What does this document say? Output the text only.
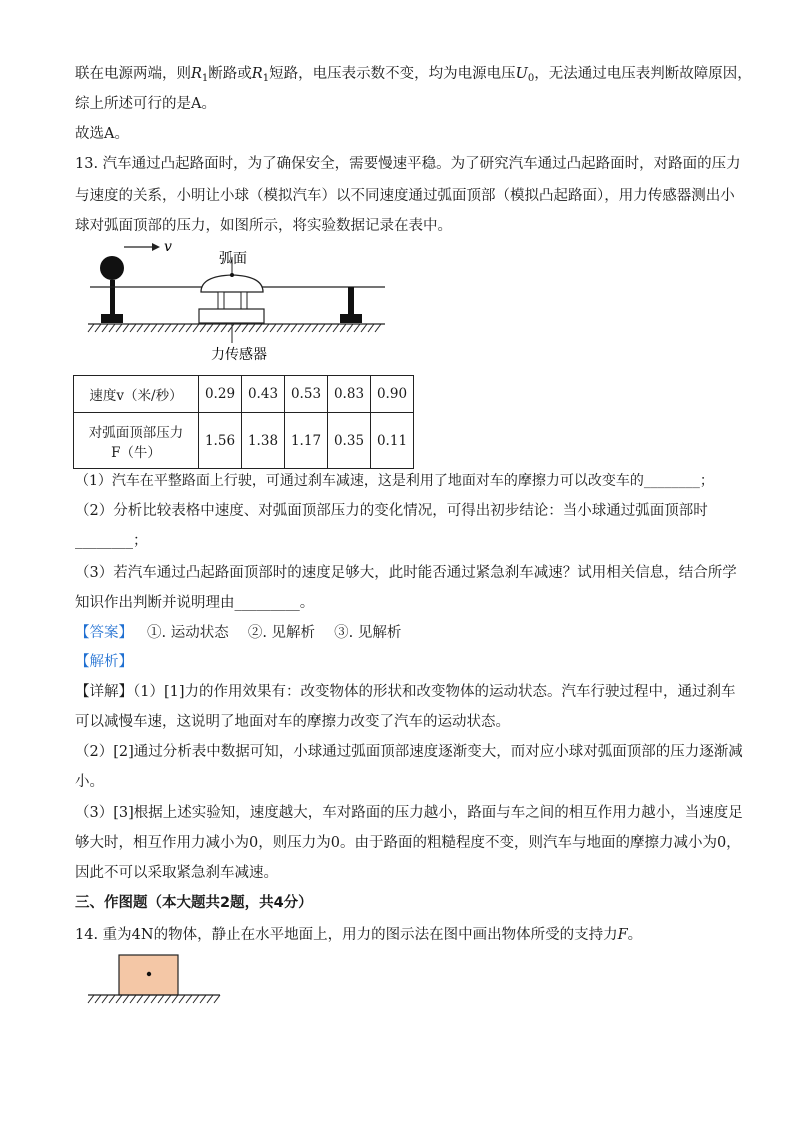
联在电源两端，则$R_1$断路或$R_1$短路，电压表示数不变，均为电源电压$U_0$，无法通过电压表判断故障原因，
综上所述可行的是A。
故选A。
13. 汽车通过凸起路面时，为了确保安全，需要慢速平稳。为了研究汽车通过凸起路面时，对路面的压力
与速度的关系，小明让小球（模拟汽车）以不同速度通过弧面顶部（模拟凸起路面），用力传感器测出小
球对弧面顶部的压力，如图所示，将实验数据记录在表中。
v
弧面
力传感器
速度v（米/秒）	0.29	0.43	0.53	0.83	0.90

对弧面顶部压力
F（牛）	1.56	1.38	1.17	0.35	0.11
（1）汽车在平整路面上行驶，可通过刹车减速，这是利用了地面对车的摩擦力可以改变车的________；
（2）分析比较表格中速度、对弧面顶部压力的变化情况，可得出初步结论：当小球通过弧面顶部时
________；
（3）若汽车通过凸起路面顶部时的速度足够大，此时能否通过紧急刹车减速？试用相关信息，结合所学
知识作出判断并说明理由_________。
【答案】 ①. 运动状态　 ②. 见解析　 ③. 见解析
【解析】
【详解】（1）[1]力的作用效果有：改变物体的形状和改变物体的运动状态。汽车行驶过程中，通过刹车
可以减慢车速，这说明了地面对车的摩擦力改变了汽车的运动状态。
（2）[2]通过分析表中数据可知，小球通过弧面顶部速度逐渐变大，而对应小球对弧面顶部的压力逐渐减
小。
（3）[3]根据上述实验知，速度越大，车对路面的压力越小，路面与车之间的相互作用力越小，当速度足
够大时，相互作用力减小为0，则压力为0。由于路面的粗糙程度不变，则汽车与地面的摩擦力减小为0，
因此不可以采取紧急刹车减速。
三、作图题（本大题共2题，共4分）
14. 重为4N的物体，静止在水平地面上，用力的图示法在图中画出物体所受的支持力F。
